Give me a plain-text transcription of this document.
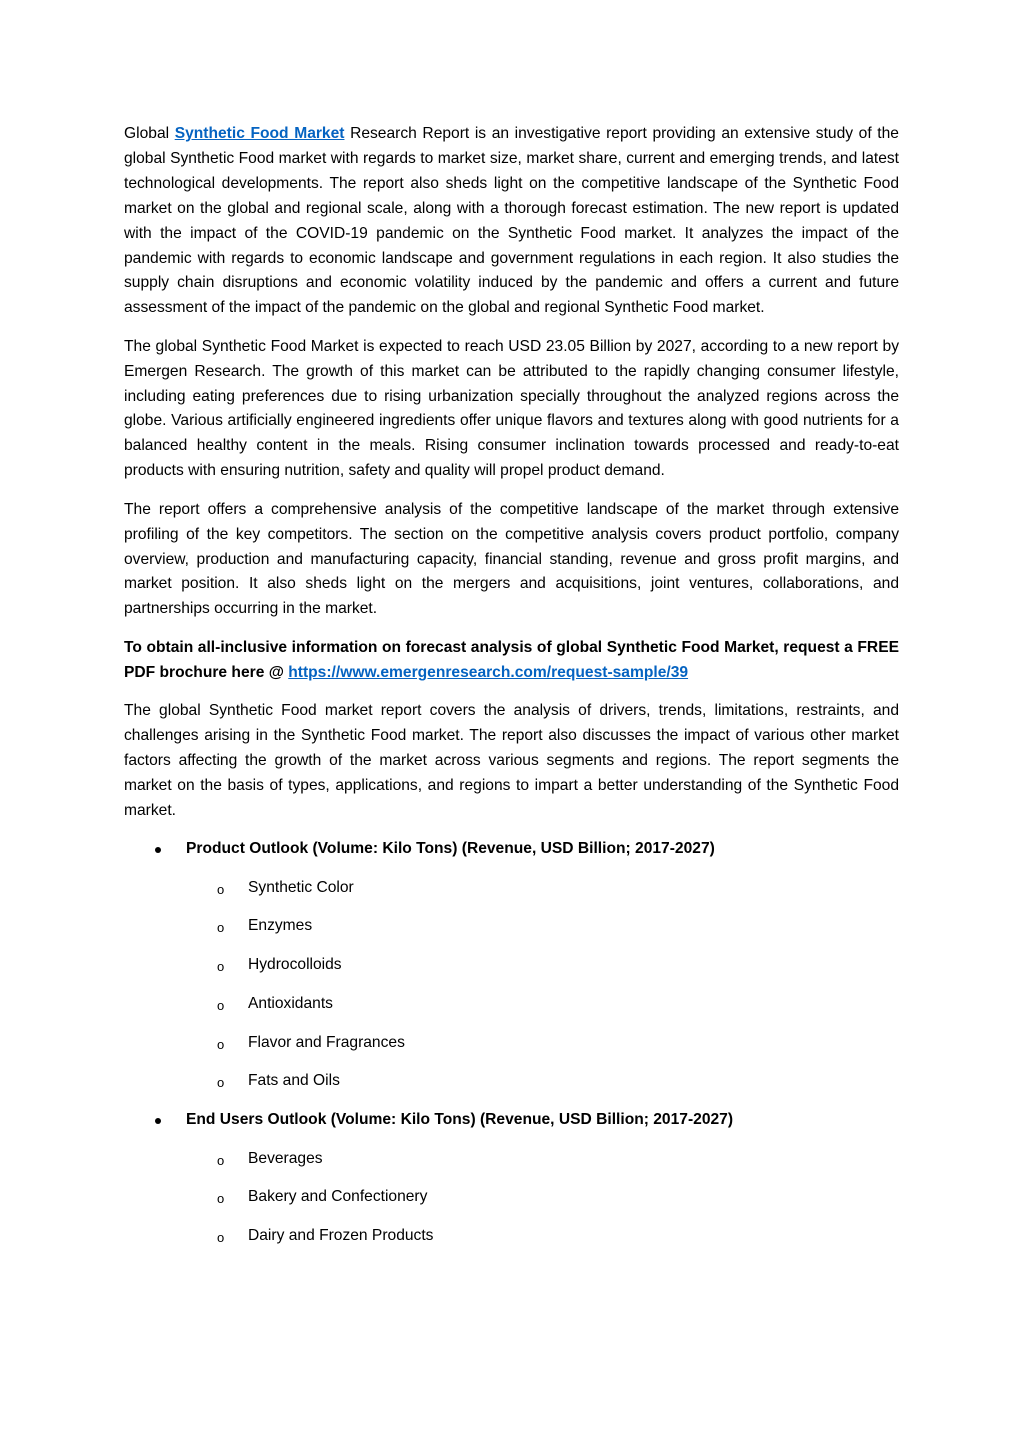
Global Synthetic Food Market Research Report is an investigative report providing an extensive study of the global Synthetic Food market with regards to market size, market share, current and emerging trends, and latest technological developments. The report also sheds light on the competitive landscape of the Synthetic Food market on the global and regional scale, along with a thorough forecast estimation. The new report is updated with the impact of the COVID-19 pandemic on the Synthetic Food market. It analyzes the impact of the pandemic with regards to economic landscape and government regulations in each region. It also studies the supply chain disruptions and economic volatility induced by the pandemic and offers a current and future assessment of the impact of the pandemic on the global and regional Synthetic Food market.

The global Synthetic Food Market is expected to reach USD 23.05 Billion by 2027, according to a new report by Emergen Research. The growth of this market can be attributed to the rapidly changing consumer lifestyle, including eating preferences due to rising urbanization specially throughout the analyzed regions across the globe. Various artificially engineered ingredients offer unique flavors and textures along with good nutrients for a balanced healthy content in the meals. Rising consumer inclination towards processed and ready-to-eat products with ensuring nutrition, safety and quality will propel product demand.

The report offers a comprehensive analysis of the competitive landscape of the market through extensive profiling of the key competitors. The section on the competitive analysis covers product portfolio, company overview, production and manufacturing capacity, financial standing, revenue and gross profit margins, and market position. It also sheds light on the mergers and acquisitions, joint ventures, collaborations, and partnerships occurring in the market.

To obtain all-inclusive information on forecast analysis of global Synthetic Food Market, request a FREE PDF brochure here @ https://www.emergenresearch.com/request-sample/39

The global Synthetic Food market report covers the analysis of drivers, trends, limitations, restraints, and challenges arising in the Synthetic Food market. The report also discusses the impact of various other market factors affecting the growth of the market across various segments and regions. The report segments the market on the basis of types, applications, and regions to impart a better understanding of the Synthetic Food market.

Product Outlook (Volume: Kilo Tons) (Revenue, USD Billion; 2017-2027)
o Synthetic Color
o Enzymes
o Hydrocolloids
o Antioxidants
o Flavor and Fragrances
o Fats and Oils
End Users Outlook (Volume: Kilo Tons) (Revenue, USD Billion; 2017-2027)
o Beverages
o Bakery and Confectionery
o Dairy and Frozen Products
